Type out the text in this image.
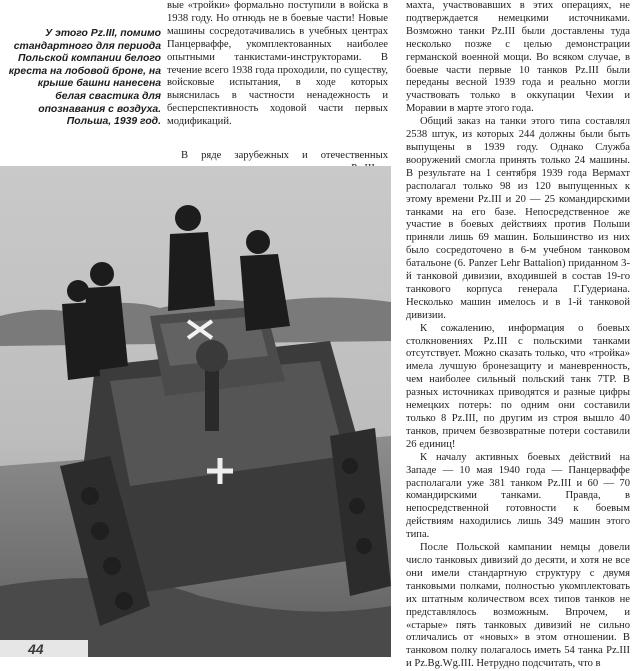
У этого Pz.III, помимо стандартного для периода Польской компании белого креста на лобовой броне, на крыше башни нанесена белая свастика для опознавания с воздуха. Польша, 1939 год.

вые «тройки» формально поступили в войска в 1938 году. Но отнюдь не в боевые части! Новые машины сосредотачивались в учебных центрах Панцерваффе, укомплектованных наиболее опытными танкистами-инструкторами. В течение всего 1938 года проходили, по существу, войсковые испытания, в ходе которых выяснилась в частности ненадежность и бесперспективность ходовой части первых модификаций.

В ряде зарубежных и отечественных

махта, участвовавших в этих операциях, не подтверждается немецкими источниками. Возможно танки Pz.III были доставлены туда несколько позже с целью демонстрации германской военной мощи. Во всяком случае, в боевые части первые 10 танков Pz.III были переданы весной 1939 года и реально могли участвовать только в оккупации Чехии и Моравии в марте этого года.

Общий заказ на танки этого типа составлял 2538 штук, из которых 244 должны были быть выпущены в 1939 году. Однако Служба вооружений смогла принять только 24 машины. В результате на 1 сентября 1939 года Вермахт располагал только 98 из 120 выпущенных к этому времени Pz.III и 20 — 25 командирскими танками на его базе. Непосредственное же участие в боевых действиях против Польши приняли лишь 69 машин. Большинство из них было сосредоточено в 6-м учебном танковом батальоне (6. Panzer Lehr Battalion) приданном 3-й танковой дивизии, входившей в состав 19-го танкового корпуса генерала Г.Гудериана. Несколько машин имелось и в 1-й танковой дивизии.

К сожалению, информация о боевых столкновениях Pz.III с польскими танками отсутствует. Можно сказать только, что «тройка» имела лучшую бронезащиту и маневренность, чем наиболее сильный польский танк 7ТР. В разных источниках приводятся и разные цифры немецких потерь: по одним они составили только 8 Pz.III, по другим из строя вышло 40 танков, причем безвозвратные потери составили 26 единиц!

К началу активных боевых действий на Западе — 10 мая 1940 года — Панцерваффе располагали уже 381 танком Pz.III и 60 — 70 командирскими танками. Правда, в непосредственной готовности к боевым действиям находились лишь 349 машин этого типа.

После Польской кампании немцы довели число танковых дивизий до десяти, и хотя не все они имели стандартную структуру с двумя танковыми полками, полностью укомплектовать их штатным количеством всех типов танков не представлялось возможным. Впрочем, и «старые» пять танковых дивизий не сильно отличались от «новых» в этом отношении. В танковом полку полагалось иметь 54 танка Pz.III и Pz.Bg.Wg.III. Нетрудно подсчитать, что в

44
